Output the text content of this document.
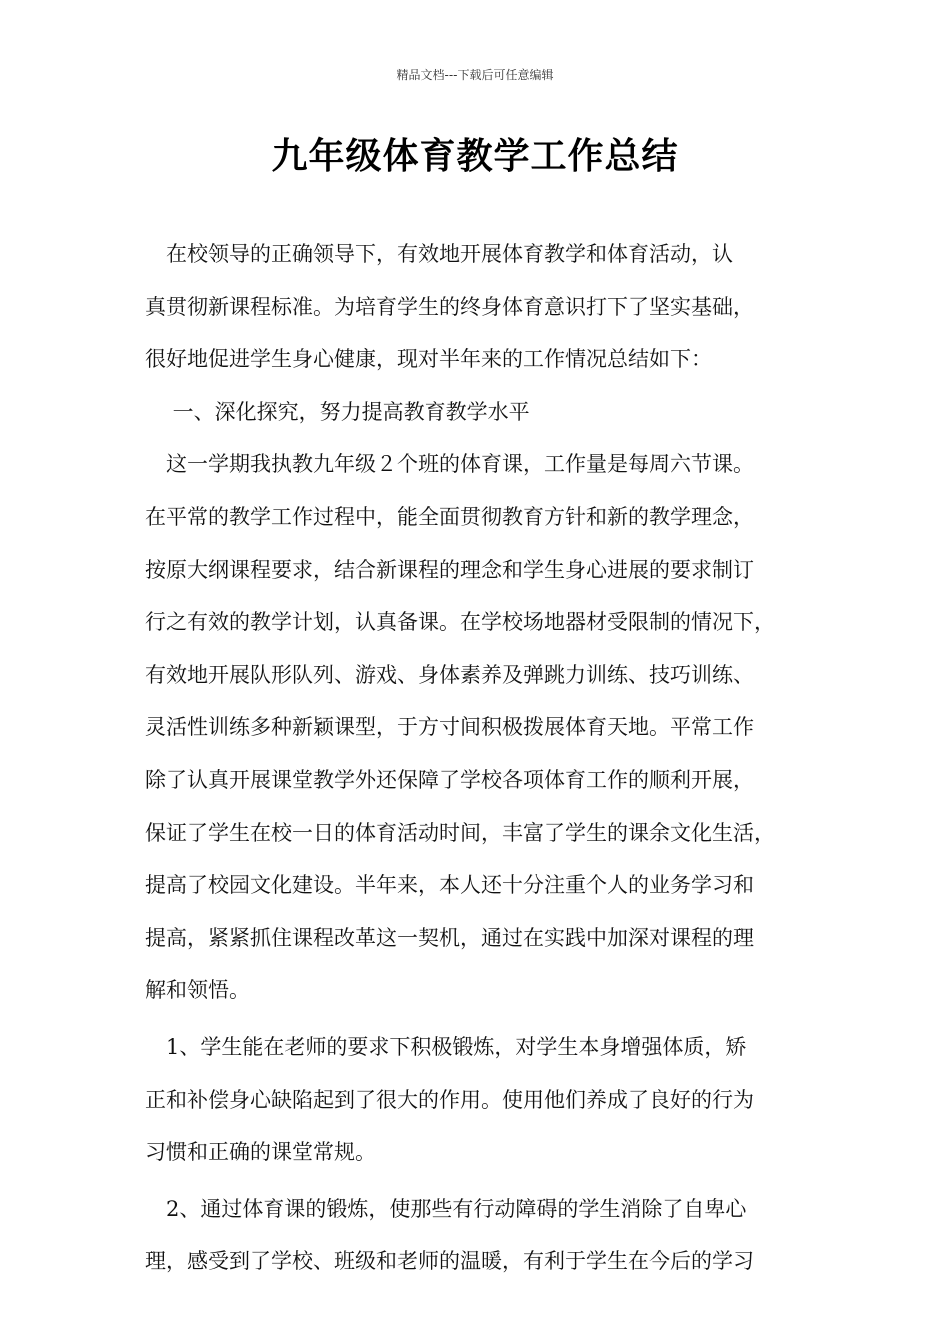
精品文档---下载后可任意编辑
九年级体育教学工作总结
　在校领导的正确领导下，有效地开展体育教学和体育活动，认
真贯彻新课程标准。为培育学生的终身体育意识打下了坚实基础，
很好地促进学生身心健康，现对半年来的工作情况总结如下：
　 一、深化探究，努力提高教育教学水平
　这一学期我执教九年级２个班的体育课，工作量是每周六节课。
在平常的教学工作过程中，能全面贯彻教育方针和新的教学理念，
按原大纲课程要求，结合新课程的理念和学生身心进展的要求制订
行之有效的教学计划，认真备课。在学校场地器材受限制的情况下，
有效地开展队形队列、游戏、身体素养及弹跳力训练、技巧训练、
灵活性训练多种新颖课型，于方寸间积极拨展体育天地。平常工作
除了认真开展课堂教学外还保障了学校各项体育工作的顺利开展，
保证了学生在校一日的体育活动时间，丰富了学生的课余文化生活，
提高了校园文化建设。半年来，本人还十分注重个人的业务学习和
提高，紧紧抓住课程改革这一契机，通过在实践中加深对课程的理
解和领悟。
　1、学生能在老师的要求下积极锻炼，对学生本身增强体质，矫
正和补偿身心缺陷起到了很大的作用。使用他们养成了良好的行为
习惯和正确的课堂常规。
　2、通过体育课的锻炼，使那些有行动障碍的学生消除了自卑心
理，感受到了学校、班级和老师的温暖，有利于学生在今后的学习
